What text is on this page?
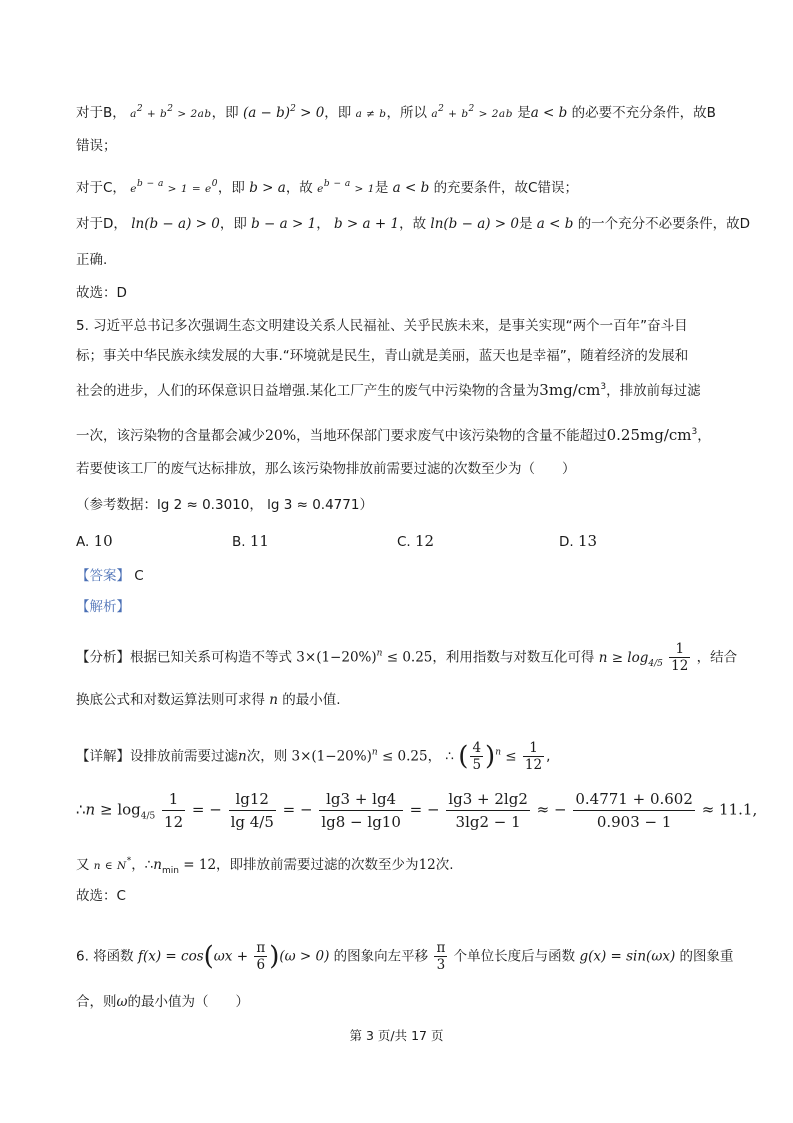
对于B， a2 + b2 > 2ab，即 $(a - b)^2 > 0$，即 a ≠ b，所以 a2 + b2 > 2ab 是a < b 的必要不充分条件，故B
错误；
对于C， eb − a > 1 = e0，即 b > a，故 eb − a > 1是 a < b 的充要条件，故C错误；
对于D， ln(b − a) > 0，即 b − a > 1， b > a + 1，故 ln(b − a) > 0是 a < b 的一个充分不必要条件，故D
正确.
故选：D
5. 习近平总书记多次强调生态文明建设关系人民福祉、关乎民族未来，是事关实现“两个一百年”奋斗目
标；事关中华民族永续发展的大事.“环境就是民生，青山就是美丽，蓝天也是幸福”，随着经济的发展和
社会的进步，人们的环保意识日益增强.某化工厂产生的废气中污染物的含量为$3mg/cm^3$，排放前每过滤
一次，该污染物的含量都会减少20%，当地环保部门要求废气中该污染物的含量不能超过$0.25mg/cm^3$，
若要使该工厂的废气达标排放，那么该污染物排放前需要过滤的次数至少为（　　）
（参考数据：lg 2 ≈ 0.3010， lg 3 ≈ 0.4771）
A. 10	B. 11	C. 12	D. 13
【答案】 C
【解析】
【分析】根据已知关系可构造不等式 $3\times(1-20\%)^n \le 0.25$，利用指数与对数互化可得 $n \ge \log_{4/5} \frac{1}{12}$ ，结合
换底公式和对数运算法则可求得 n 的最小值.
【详解】设排放前需要过滤n次，则 $3\times(1-20\%)^n \le 0.25$， ∴ ( $\frac{4}{5} )^n \le \frac{1}{12}$ ,
∴n ≥ $\log_{4/5} \frac{1}{12}$ = − $\frac{\lg 12}{\lg 4/5}$ = − $\frac{\lg 3 + \lg 4}{\lg 8 - \lg 10}$ = − $\frac{\lg 3 + 2\lg 2}{3\lg 2 - 1}$ ≈ − $\frac{0.4771 + 0.602}{0.903 - 1} \approx 11.1$,
又 n ∈ N*，$\therefore n_{min} = 12$，即排放前需要过滤的次数至少为12次.
故选：C
6. 将函数 $f(x) = \cos(\omega x + \frac{\pi}{6} )(\omega > 0)$ 的图象向左平移 $\frac{\pi}{3}$ 个单位长度后与函数 g(x) = sin(ωx) 的图象重
合，则ω的最小值为（　　）
第 3 页/共 17 页
